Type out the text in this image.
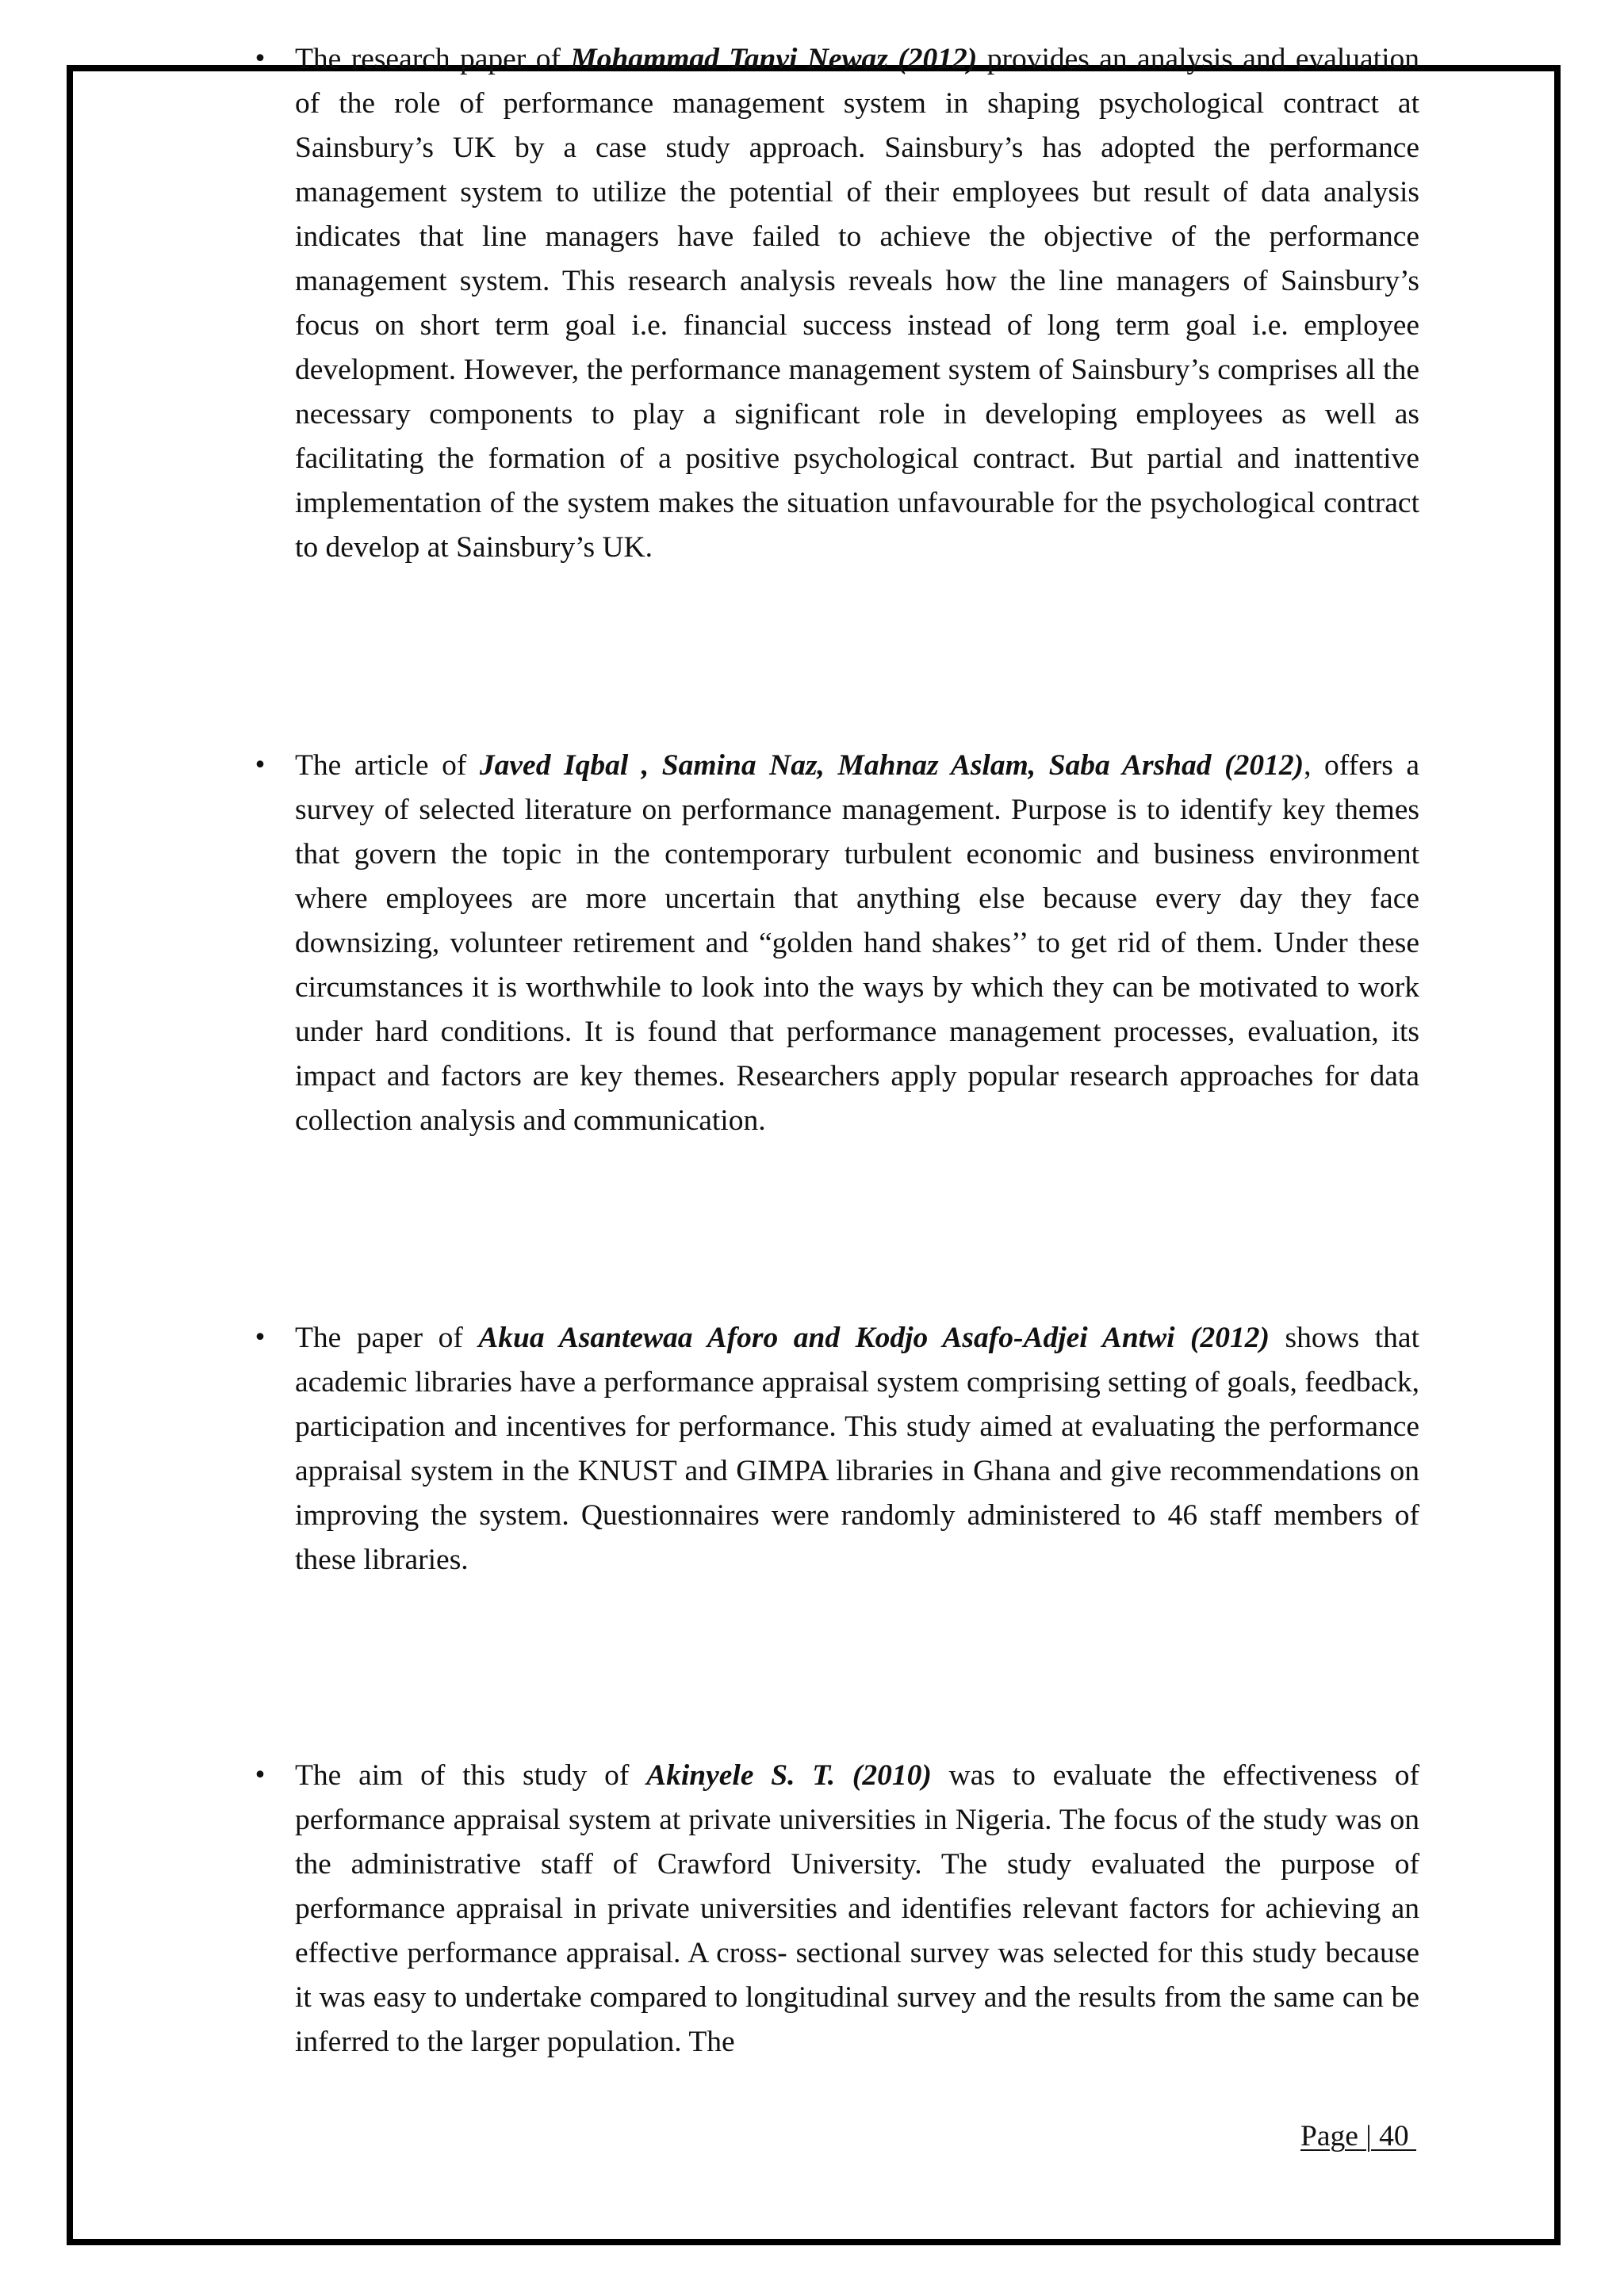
• The research paper of Mohammad Tanvi Newaz (2012) provides an analysis and evaluation of the role of performance management system in shaping psychological contract at Sainsbury’s UK by a case study approach. Sainsbury’s has adopted the performance management system to utilize the potential of their employees but result of data analysis indicates that line managers have failed to achieve the objective of the performance management system. This research analysis reveals how the line managers of Sainsbury’s focus on short term goal i.e. financial success instead of long term goal i.e. employee development. However, the performance management system of Sainsbury’s comprises all the necessary components to play a significant role in developing employees as well as facilitating the formation of a positive psychological contract. But partial and inattentive implementation of the system makes the situation unfavourable for the psychological contract to develop at Sainsbury’s UK.

• The article of Javed Iqbal , Samina Naz, Mahnaz Aslam, Saba Arshad (2012), offers a survey of selected literature on performance management. Purpose is to identify key themes that govern the topic in the contemporary turbulent economic and business environment where employees are more uncertain that anything else because every day they face downsizing, volunteer retirement and “golden hand shakes’’ to get rid of them. Under these circumstances it is worthwhile to look into the ways by which they can be motivated to work under hard conditions. It is found that performance management processes, evaluation, its impact and factors are key themes. Researchers apply popular research approaches for data collection analysis and communication.

• The paper of Akua Asantewaa Aforo and Kodjo Asafo-Adjei Antwi (2012) shows that academic libraries have a performance appraisal system comprising setting of goals, feedback, participation and incentives for performance. This study aimed at evaluating the performance appraisal system in the KNUST and GIMPA libraries in Ghana and give recommendations on improving the system. Questionnaires were randomly administered to 46 staff members of these libraries.

• The aim of this study of Akinyele S. T. (2010) was to evaluate the effectiveness of performance appraisal system at private universities in Nigeria. The focus of the study was on the administrative staff of Crawford University. The study evaluated the purpose of performance appraisal in private universities and identifies relevant factors for achieving an effective performance appraisal. A cross- sectional survey was selected for this study because it was easy to undertake compared to longitudinal survey and the results from the same can be inferred to the larger population. The

Page | 40
